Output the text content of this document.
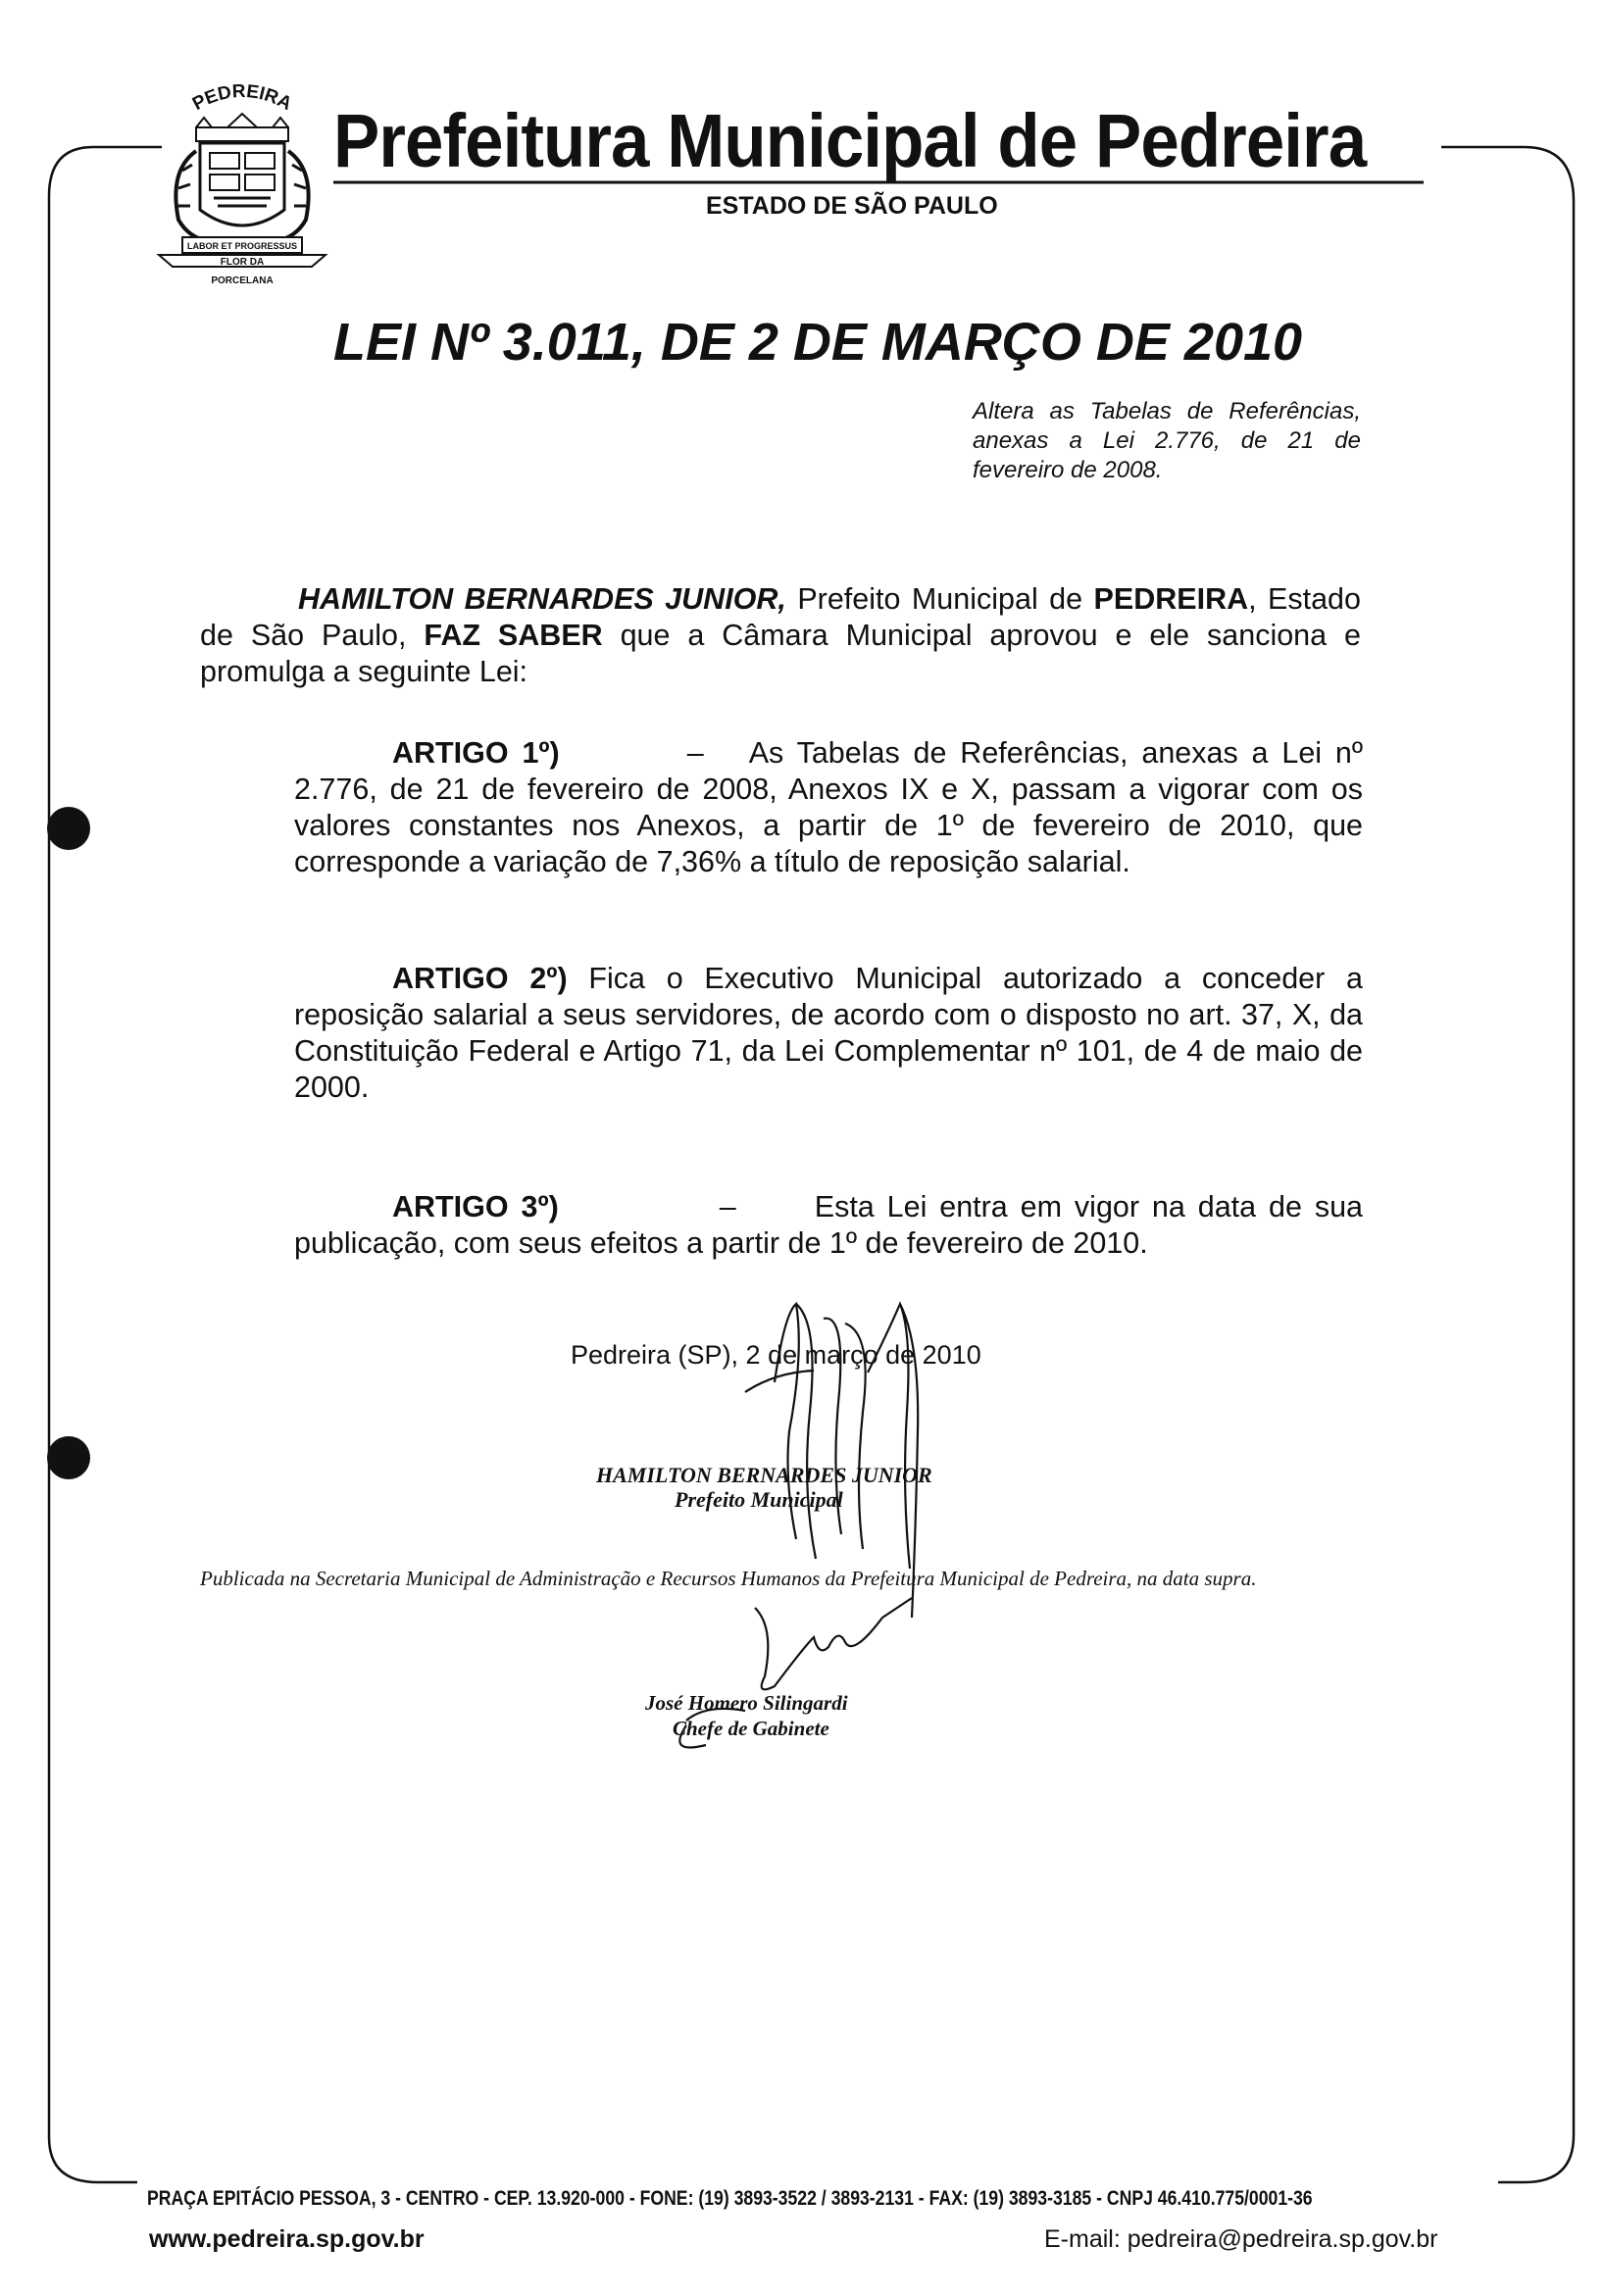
PEDREIRA
LABOR ET PROGRESSUS
FLOR DA
PORCELANA
Prefeitura Municipal de Pedreira
ESTADO DE SÃO PAULO
LEI Nº 3.011, DE 2 DE MARÇO DE 2010
Altera as Tabelas de Referências, anexas a Lei 2.776, de 21 de fevereiro de 2008.
HAMILTON BERNARDES JUNIOR, Prefeito Municipal de PEDREIRA, Estado de São Paulo, FAZ SABER que a Câmara Municipal aprovou e ele sanciona e promulga a seguinte Lei:
ARTIGO 1º)	– As Tabelas de Referências, anexas a Lei nº 2.776, de 21 de fevereiro de 2008, Anexos IX e X, passam a vigorar com os valores constantes nos Anexos, a partir de 1º de fevereiro de 2010, que corresponde a variação de 7,36% a título de reposição salarial.
ARTIGO 2º) Fica o Executivo Municipal autorizado a conceder a reposição salarial a seus servidores, de acordo com o disposto no art. 37, X, da Constituição Federal e Artigo 71, da Lei Complementar nº 101, de 4 de maio de 2000.
ARTIGO 3º)	–	Esta Lei entra em vigor na data de sua publicação, com seus efeitos a partir de 1º de fevereiro de 2010.
Pedreira (SP), 2 de março de 2010
HAMILTON BERNARDES JUNIOR
Prefeito Municipal
Publicada na Secretaria Municipal de Administração e Recursos Humanos da Prefeitura Municipal de Pedreira, na data supra.
José Homero Silingardi
Chefe de Gabinete
PRAÇA EPITÁCIO PESSOA, 3 - CENTRO - CEP. 13.920-000 - FONE: (19) 3893-3522 / 3893-2131 - FAX: (19) 3893-3185 - CNPJ 46.410.775/0001-36
www.pedreira.sp.gov.br	E-mail: pedreira@pedreira.sp.gov.br
